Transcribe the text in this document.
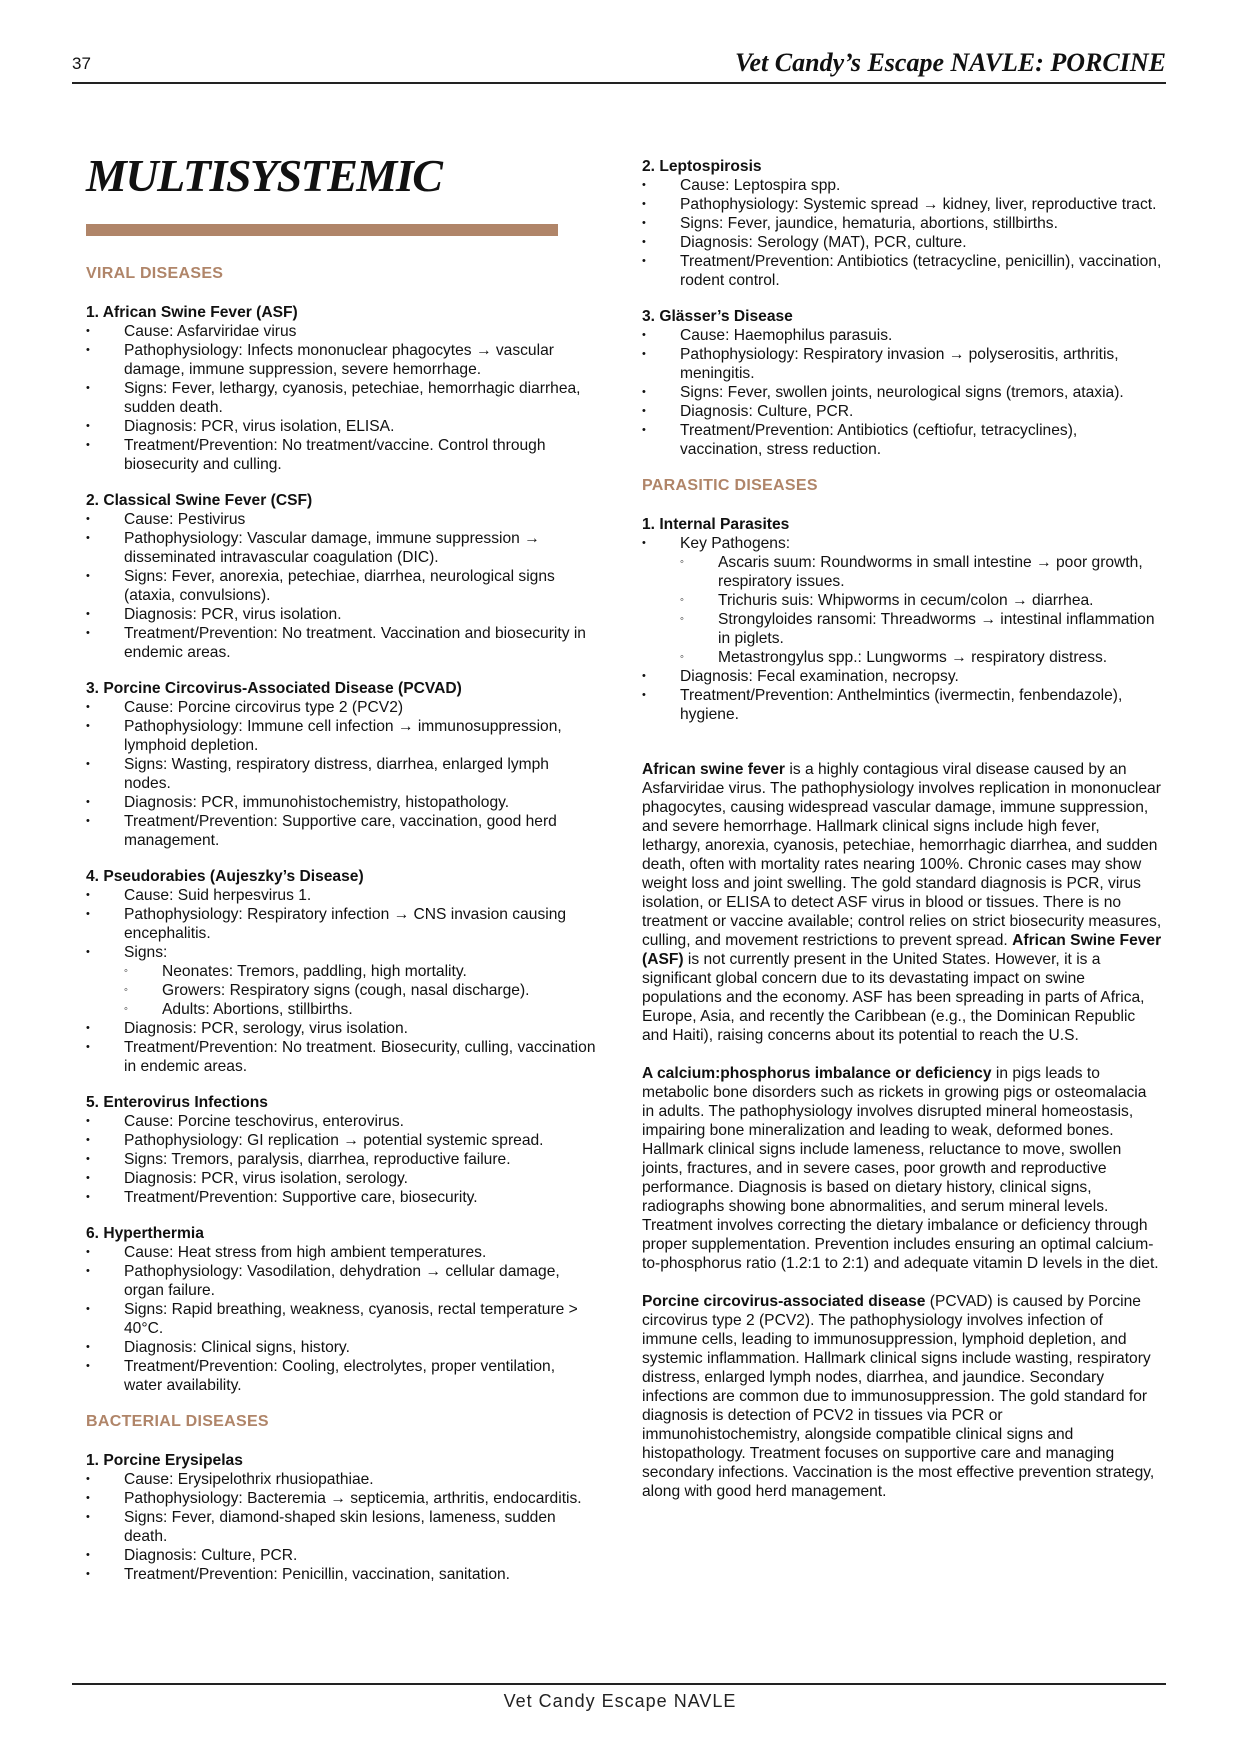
37	Vet Candy’s Escape NAVLE: PORCINE
MULTISYSTEMIC
VIRAL DISEASES
1. African Swine Fever (ASF)
• Cause: Asfarviridae virus
• Pathophysiology: Infects mononuclear phagocytes → vascular damage, immune suppression, severe hemorrhage.
• Signs: Fever, lethargy, cyanosis, petechiae, hemorrhagic diarrhea, sudden death.
• Diagnosis: PCR, virus isolation, ELISA.
• Treatment/Prevention: No treatment/vaccine. Control through biosecurity and culling.
2. Classical Swine Fever (CSF)
• Cause: Pestivirus
• Pathophysiology: Vascular damage, immune suppression → disseminated intravascular coagulation (DIC).
• Signs: Fever, anorexia, petechiae, diarrhea, neurological signs (ataxia, convulsions).
• Diagnosis: PCR, virus isolation.
• Treatment/Prevention: No treatment. Vaccination and biosecurity in endemic areas.
3. Porcine Circovirus-Associated Disease (PCVAD)
• Cause: Porcine circovirus type 2 (PCV2)
• Pathophysiology: Immune cell infection → immunosuppression, lymphoid depletion.
• Signs: Wasting, respiratory distress, diarrhea, enlarged lymph nodes.
• Diagnosis: PCR, immunohistochemistry, histopathology.
• Treatment/Prevention: Supportive care, vaccination, good herd management.
4. Pseudorabies (Aujeszky’s Disease)
• Cause: Suid herpesvirus 1.
• Pathophysiology: Respiratory infection → CNS invasion causing encephalitis.
• Signs:
◦ Neonates: Tremors, paddling, high mortality.
◦ Growers: Respiratory signs (cough, nasal discharge).
◦ Adults: Abortions, stillbirths.
• Diagnosis: PCR, serology, virus isolation.
• Treatment/Prevention: No treatment. Biosecurity, culling, vaccination in endemic areas.
5. Enterovirus Infections
• Cause: Porcine teschovirus, enterovirus.
• Pathophysiology: GI replication → potential systemic spread.
• Signs: Tremors, paralysis, diarrhea, reproductive failure.
• Diagnosis: PCR, virus isolation, serology.
• Treatment/Prevention: Supportive care, biosecurity.
6. Hyperthermia
• Cause: Heat stress from high ambient temperatures.
• Pathophysiology: Vasodilation, dehydration → cellular damage, organ failure.
• Signs: Rapid breathing, weakness, cyanosis, rectal temperature > 40°C.
• Diagnosis: Clinical signs, history.
• Treatment/Prevention: Cooling, electrolytes, proper ventilation, water availability.
BACTERIAL DISEASES
1. Porcine Erysipelas
• Cause: Erysipelothrix rhusiopathiae.
• Pathophysiology: Bacteremia → septicemia, arthritis, endocarditis.
• Signs: Fever, diamond-shaped skin lesions, lameness, sudden death.
• Diagnosis: Culture, PCR.
• Treatment/Prevention: Penicillin, vaccination, sanitation.
2. Leptospirosis
• Cause: Leptospira spp.
• Pathophysiology: Systemic spread → kidney, liver, reproductive tract.
• Signs: Fever, jaundice, hematuria, abortions, stillbirths.
• Diagnosis: Serology (MAT), PCR, culture.
• Treatment/Prevention: Antibiotics (tetracycline, penicillin), vaccination, rodent control.
3. Glässer’s Disease
• Cause: Haemophilus parasuis.
• Pathophysiology: Respiratory invasion → polyserositis, arthritis, meningitis.
• Signs: Fever, swollen joints, neurological signs (tremors, ataxia).
• Diagnosis: Culture, PCR.
• Treatment/Prevention: Antibiotics (ceftiofur, tetracyclines), vaccination, stress reduction.
PARASITIC DISEASES
1. Internal Parasites
• Key Pathogens:
◦ Ascaris suum: Roundworms in small intestine → poor growth, respiratory issues.
◦ Trichuris suis: Whipworms in cecum/colon → diarrhea.
◦ Strongyloides ransomi: Threadworms → intestinal inflammation in piglets.
◦ Metastrongylus spp.: Lungworms → respiratory distress.
• Diagnosis: Fecal examination, necropsy.
• Treatment/Prevention: Anthelmintics (ivermectin, fenbendazole), hygiene.

African swine fever is a highly contagious viral disease caused by an Asfarviridae virus. The pathophysiology involves replication in mononuclear phagocytes, causing widespread vascular damage, immune suppression, and severe hemorrhage. Hallmark clinical signs include high fever, lethargy, anorexia, cyanosis, petechiae, hemorrhagic diarrhea, and sudden death, often with mortality rates nearing 100%. Chronic cases may show weight loss and joint swelling. The gold standard diagnosis is PCR, virus isolation, or ELISA to detect ASF virus in blood or tissues. There is no treatment or vaccine available; control relies on strict biosecurity measures, culling, and movement restrictions to prevent spread. African Swine Fever (ASF) is not currently present in the United States. However, it is a significant global concern due to its devastating impact on swine populations and the economy. ASF has been spreading in parts of Africa, Europe, Asia, and recently the Caribbean (e.g., the Dominican Republic and Haiti), raising concerns about its potential to reach the U.S.

A calcium:phosphorus imbalance or deficiency in pigs leads to metabolic bone disorders such as rickets in growing pigs or osteomalacia in adults. The pathophysiology involves disrupted mineral homeostasis, impairing bone mineralization and leading to weak, deformed bones. Hallmark clinical signs include lameness, reluctance to move, swollen joints, fractures, and in severe cases, poor growth and reproductive performance. Diagnosis is based on dietary history, clinical signs, radiographs showing bone abnormalities, and serum mineral levels. Treatment involves correcting the dietary imbalance or deficiency through proper supplementation. Prevention includes ensuring an optimal calcium-to-phosphorus ratio (1.2:1 to 2:1) and adequate vitamin D levels in the diet.

Porcine circovirus-associated disease (PCVAD) is caused by Porcine circovirus type 2 (PCV2). The pathophysiology involves infection of immune cells, leading to immunosuppression, lymphoid depletion, and systemic inflammation. Hallmark clinical signs include wasting, respiratory distress, enlarged lymph nodes, diarrhea, and jaundice. Secondary infections are common due to immunosuppression. The gold standard for diagnosis is detection of PCV2 in tissues via PCR or immunohistochemistry, alongside compatible clinical signs and histopathology. Treatment focuses on supportive care and managing secondary infections. Vaccination is the most effective prevention strategy, along with good herd management.

Vet Candy Escape NAVLE
